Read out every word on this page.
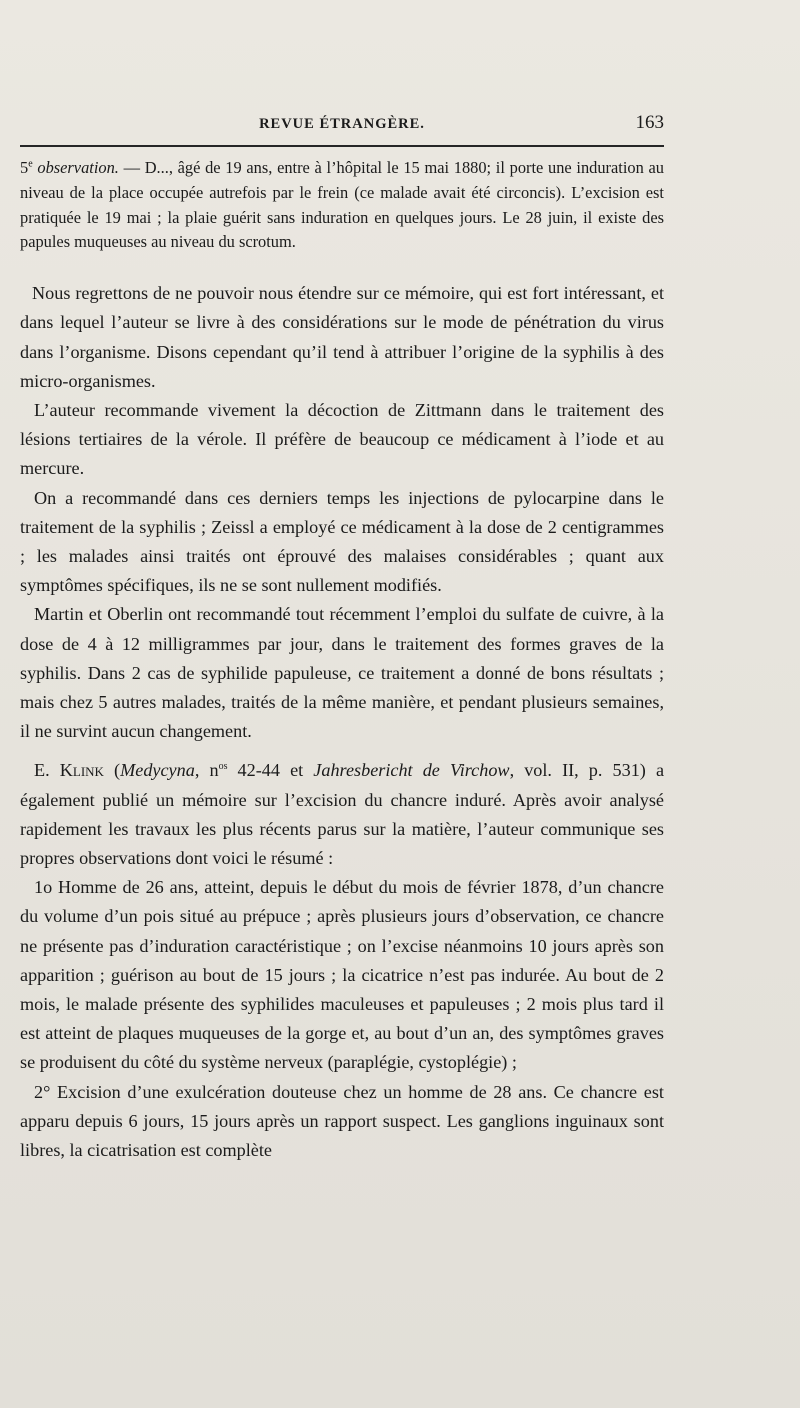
REVUE ÉTRANGÈRE.	163

5e observation. — D..., âgé de 19 ans, entre à l’hôpital le 15 mai 1880; il porte une induration au niveau de la place occupée autrefois par le frein (ce malade avait été circoncis). L’excision est pratiquée le 19 mai ; la plaie guérit sans induration en quelques jours. Le 28 juin, il existe des papules muqueuses au niveau du scrotum.

Nous regrettons de ne pouvoir nous étendre sur ce mémoire, qui est fort intéressant, et dans lequel l’auteur se livre à des considérations sur le mode de pénétration du virus dans l’organisme. Disons cependant qu’il tend à attribuer l’origine de la syphilis à des micro-organismes.

L’auteur recommande vivement la décoction de Zittmann dans le traitement des lésions tertiaires de la vérole. Il préfère de beaucoup ce médicament à l’iode et au mercure.

On a recommandé dans ces derniers temps les injections de pylocarpine dans le traitement de la syphilis ; Zeissl a employé ce médicament à la dose de 2 centigrammes ; les malades ainsi traités ont éprouvé des malaises considérables ; quant aux symptômes spécifiques, ils ne se sont nullement modifiés.

Martin et Oberlin ont recommandé tout récemment l’emploi du sulfate de cuivre, à la dose de 4 à 12 milligrammes par jour, dans le traitement des formes graves de la syphilis. Dans 2 cas de syphilide papuleuse, ce traitement a donné de bons résultats ; mais chez 5 autres malades, traités de la même manière, et pendant plusieurs semaines, il ne survint aucun changement.

E. Klink (Medycyna, $n^{os}$ 42-44 et Jahresbericht de Virchow, vol. II, p. 531) a également publié un mémoire sur l’excision du chancre induré. Après avoir analysé rapidement les travaux les plus récents parus sur la matière, l’auteur communique ses propres observations dont voici le résumé :

1o Homme de 26 ans, atteint, depuis le début du mois de février 1878, d’un chancre du volume d’un pois situé au prépuce ; après plusieurs jours d’observation, ce chancre ne présente pas d’induration caractéristique ; on l’excise néanmoins 10 jours après son apparition ; guérison au bout de 15 jours ; la cicatrice n’est pas indurée. Au bout de 2 mois, le malade présente des syphilides maculeuses et papuleuses ; 2 mois plus tard il est atteint de plaques muqueuses de la gorge et, au bout d’un an, des symptômes graves se produisent du côté du système nerveux (paraplégie, cystoplégie) ;

2° Excision d’une exulcération douteuse chez un homme de 28 ans. Ce chancre est apparu depuis 6 jours, 15 jours après un rapport suspect. Les ganglions inguinaux sont libres, la cicatrisation est complète
